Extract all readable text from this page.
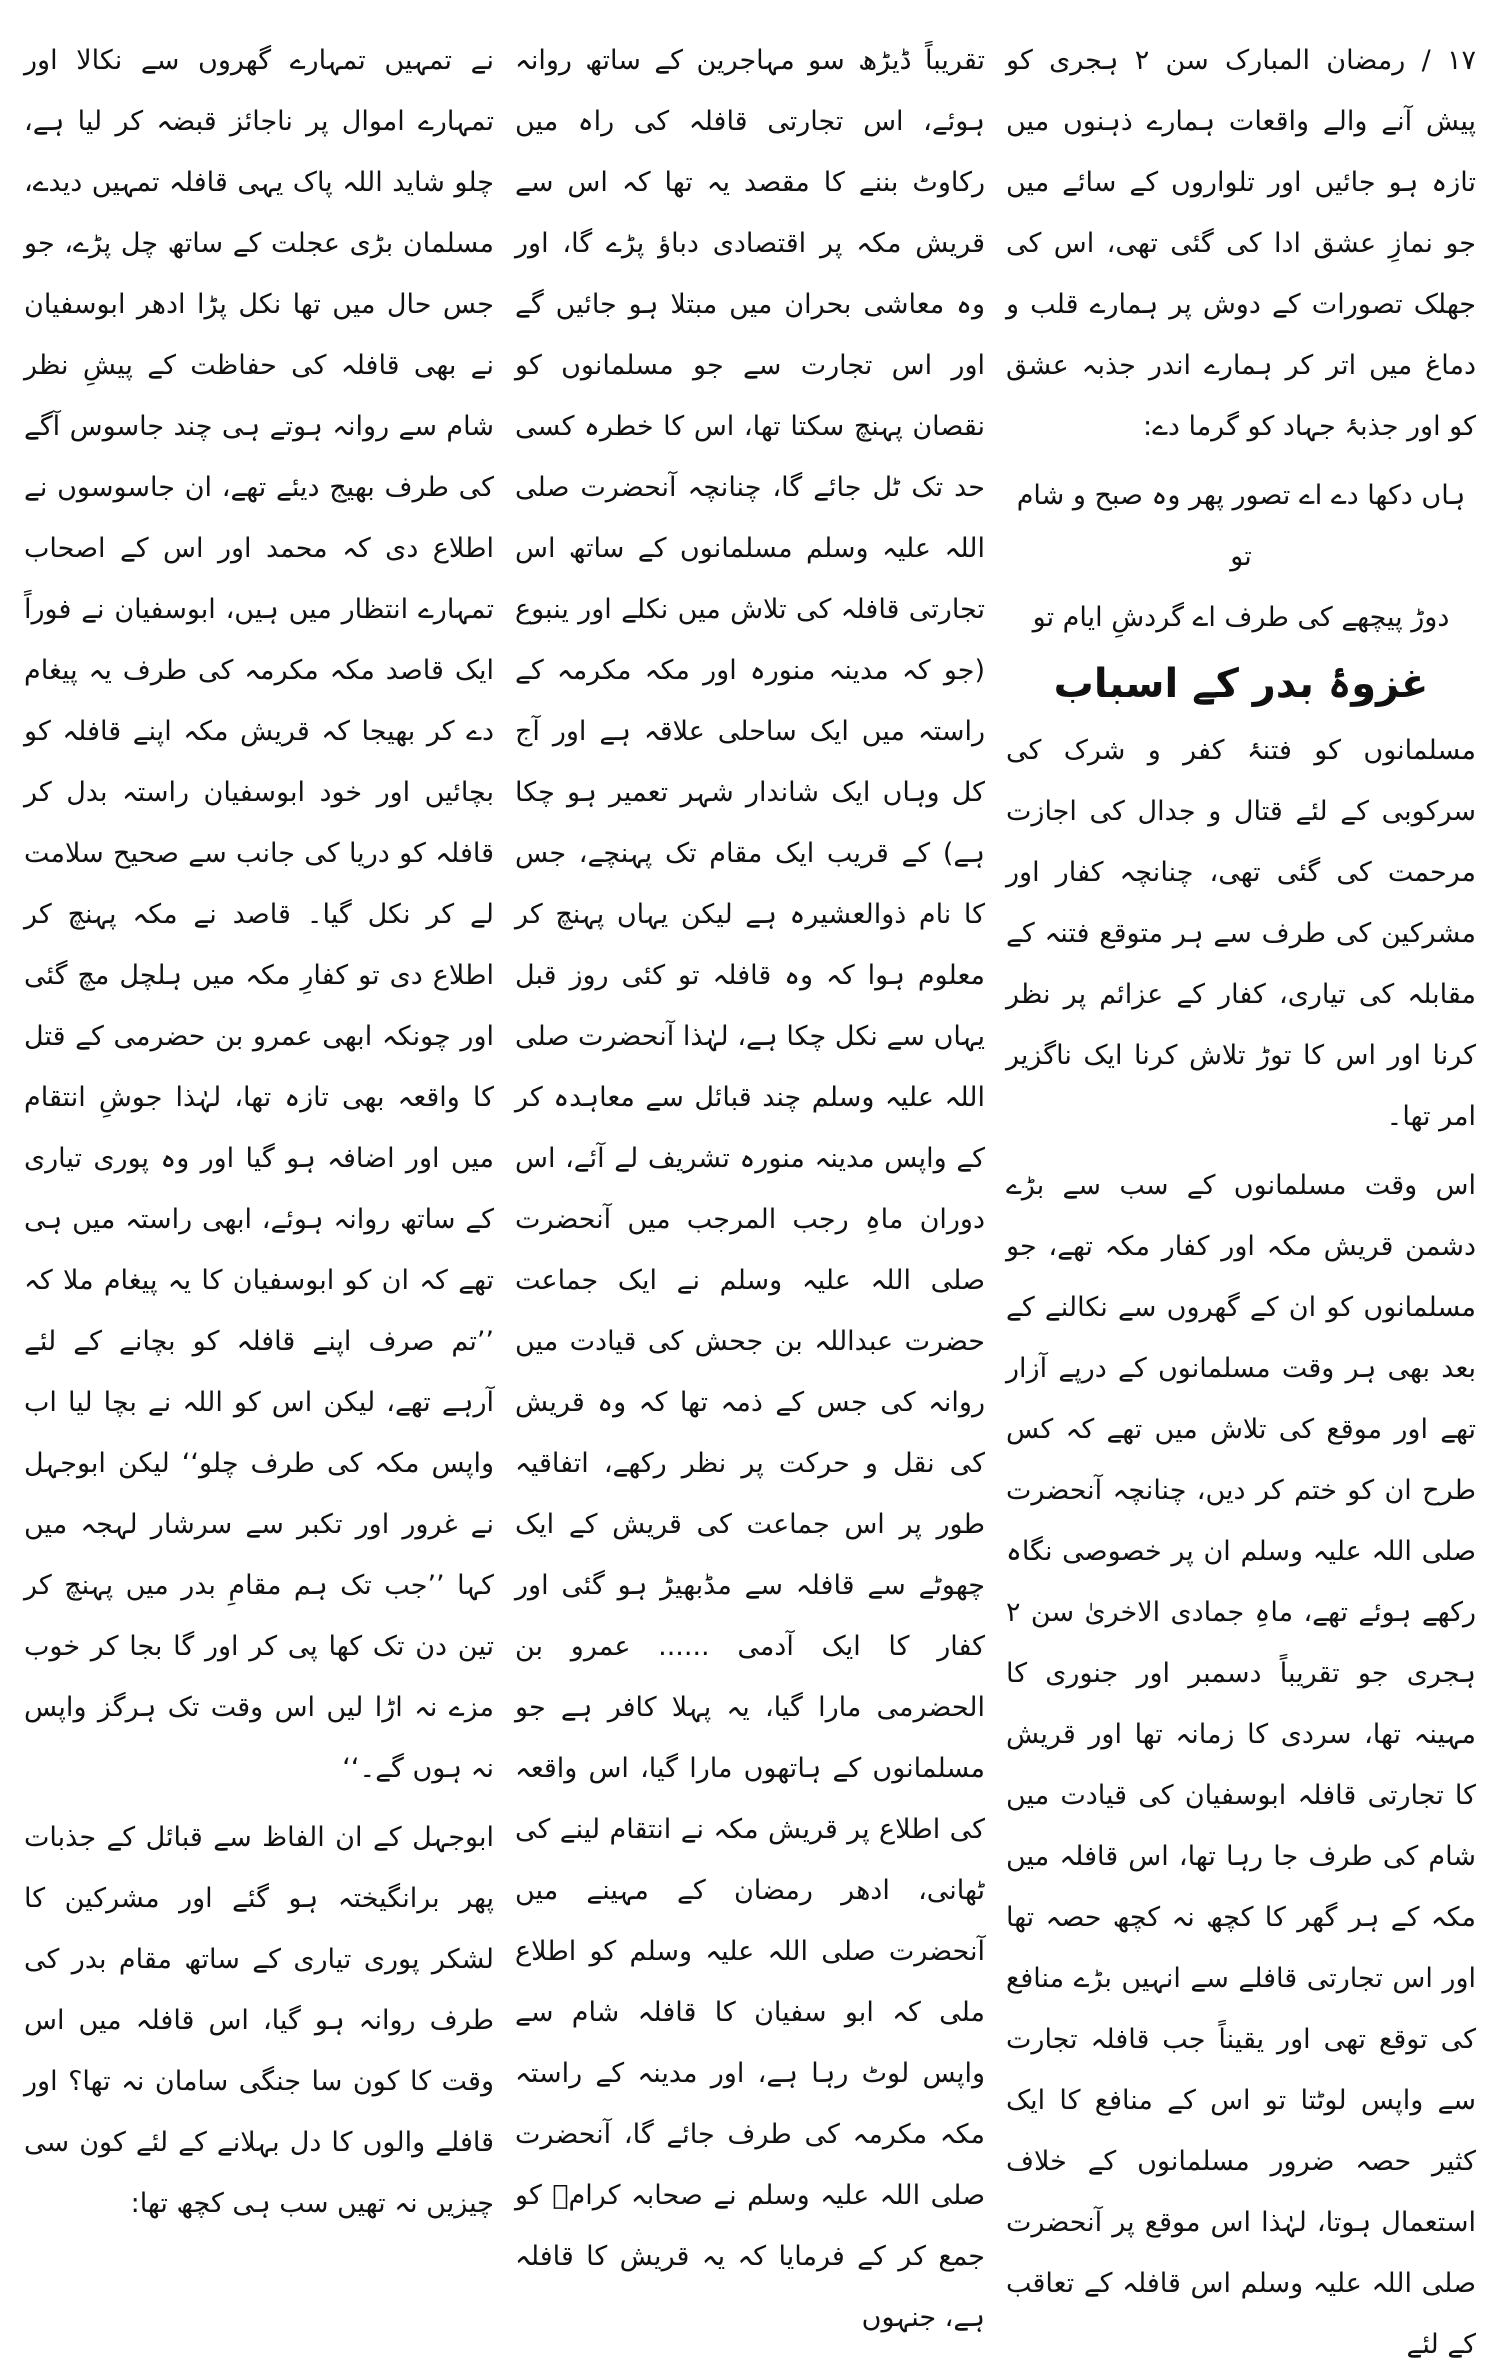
۱۷ / رمضان المبارک سن ۲ ہجری کو پیش آنے والے واقعات ہمارے ذہنوں میں تازہ ہو جائیں اور تلواروں کے سائے میں جو نمازِ عشق ادا کی گئی تھی، اس کی جھلک تصورات کے دوش پر ہمارے قلب و دماغ میں اتر کر ہمارے اندر جذبہ عشق کو اور جذبۂ جہاد کو گرما دے:

ہاں دکھا دے اے تصور پھر وہ صبح و شام تو

دوڑ پیچھے کی طرف اے گردشِ ایام تو

غزوۂ بدر کے اسباب

مسلمانوں کو فتنۂ کفر و شرک کی سرکوبی کے لئے قتال و جدال کی اجازت مرحمت کی گئی تھی، چنانچہ کفار اور مشرکین کی طرف سے ہر متوقع فتنہ کے مقابلہ کی تیاری، کفار کے عزائم پر نظر کرنا اور اس کا توڑ تلاش کرنا ایک ناگزیر امر تھا۔

اس وقت مسلمانوں کے سب سے بڑے دشمن قریش مکہ اور کفار مکہ تھے، جو مسلمانوں کو ان کے گھروں سے نکالنے کے بعد بھی ہر وقت مسلمانوں کے درپے آزار تھے اور موقع کی تلاش میں تھے کہ کس طرح ان کو ختم کر دیں، چنانچہ آنحضرت صلی اللہ علیہ وسلم ان پر خصوصی نگاہ رکھے ہوئے تھے، ماہِ جمادی الاخریٰ سن ۲ ہجری جو تقریباً دسمبر اور جنوری کا مہینہ تھا، سردی کا زمانہ تھا اور قریش کا تجارتی قافلہ ابوسفیان کی قیادت میں شام کی طرف جا رہا تھا، اس قافلہ میں مکہ کے ہر گھر کا کچھ نہ کچھ حصہ تھا اور اس تجارتی قافلے سے انہیں بڑے منافع کی توقع تھی اور یقیناً جب قافلہ تجارت سے واپس لوٹتا تو اس کے منافع کا ایک کثیر حصہ ضرور مسلمانوں کے خلاف استعمال ہوتا، لہٰذا اس موقع پر آنحضرت صلی اللہ علیہ وسلم اس قافلہ کے تعاقب کے لئے

تقریباً ڈیڑھ سو مہاجرین کے ساتھ روانہ ہوئے، اس تجارتی قافلہ کی راہ میں رکاوٹ بننے کا مقصد یہ تھا کہ اس سے قریش مکہ پر اقتصادی دباؤ پڑے گا، اور وہ معاشی بحران میں مبتلا ہو جائیں گے اور اس تجارت سے جو مسلمانوں کو نقصان پہنچ سکتا تھا، اس کا خطرہ کسی حد تک ٹل جائے گا، چنانچہ آنحضرت صلی اللہ علیہ وسلم مسلمانوں کے ساتھ اس تجارتی قافلہ کی تلاش میں نکلے اور ینبوع (جو کہ مدینہ منورہ اور مکہ مکرمہ کے راستہ میں ایک ساحلی علاقہ ہے اور آج کل وہاں ایک شاندار شہر تعمیر ہو چکا ہے) کے قریب ایک مقام تک پہنچے، جس کا نام ذوالعشیرہ ہے لیکن یہاں پہنچ کر معلوم ہوا کہ وہ قافلہ تو کئی روز قبل یہاں سے نکل چکا ہے، لہٰذا آنحضرت صلی اللہ علیہ وسلم چند قبائل سے معاہدہ کر کے واپس مدینہ منورہ تشریف لے آئے، اس دوران ماہِ رجب المرجب میں آنحضرت صلی اللہ علیہ وسلم نے ایک جماعت حضرت عبداللہ بن جحش کی قیادت میں روانہ کی جس کے ذمہ تھا کہ وہ قریش کی نقل و حرکت پر نظر رکھے، اتفاقیہ طور پر اس جماعت کی قریش کے ایک چھوٹے سے قافلہ سے مڈبھیڑ ہو گئی اور کفار کا ایک آدمی ...... عمرو بن الحضرمی مارا گیا، یہ پہلا کافر ہے جو مسلمانوں کے ہاتھوں مارا گیا، اس واقعہ کی اطلاع پر قریش مکہ نے انتقام لینے کی ٹھانی، ادھر رمضان کے مہینے میں آنحضرت صلی اللہ علیہ وسلم کو اطلاع ملی کہ ابو سفیان کا قافلہ شام سے واپس لوٹ رہا ہے، اور مدینہ کے راستہ مکہ مکرمہ کی طرف جائے گا، آنحضرت صلی اللہ علیہ وسلم نے صحابہ کرامؓ کو جمع کر کے فرمایا کہ یہ قریش کا قافلہ ہے، جنہوں

نے تمہیں تمہارے گھروں سے نکالا اور تمہارے اموال پر ناجائز قبضہ کر لیا ہے، چلو شاید اللہ پاک یہی قافلہ تمہیں دیدے، مسلمان بڑی عجلت کے ساتھ چل پڑے، جو جس حال میں تھا نکل پڑا ادھر ابوسفیان نے بھی قافلہ کی حفاظت کے پیشِ نظر شام سے روانہ ہوتے ہی چند جاسوس آگے کی طرف بھیج دیئے تھے، ان جاسوسوں نے اطلاع دی کہ محمد اور اس کے اصحاب تمہارے انتظار میں ہیں، ابوسفیان نے فوراً ایک قاصد مکہ مکرمہ کی طرف یہ پیغام دے کر بھیجا کہ قریش مکہ اپنے قافلہ کو بچائیں اور خود ابوسفیان راستہ بدل کر قافلہ کو دریا کی جانب سے صحیح سلامت لے کر نکل گیا۔ قاصد نے مکہ پہنچ کر اطلاع دی تو کفارِ مکہ میں ہلچل مچ گئی اور چونکہ ابھی عمرو بن حضرمی کے قتل کا واقعہ بھی تازہ تھا، لہٰذا جوشِ انتقام میں اور اضافہ ہو گیا اور وہ پوری تیاری کے ساتھ روانہ ہوئے، ابھی راستہ میں ہی تھے کہ ان کو ابوسفیان کا یہ پیغام ملا کہ ’’تم صرف اپنے قافلہ کو بچانے کے لئے آرہے تھے، لیکن اس کو اللہ نے بچا لیا اب واپس مکہ کی طرف چلو‘‘ لیکن ابوجہل نے غرور اور تکبر سے سرشار لہجہ میں کہا ’’جب تک ہم مقامِ بدر میں پہنچ کر تین دن تک کھا پی کر اور گا بجا کر خوب مزے نہ اڑا لیں اس وقت تک ہرگز واپس نہ ہوں گے۔‘‘

ابوجہل کے ان الفاظ سے قبائل کے جذبات پھر برانگیختہ ہو گئے اور مشرکین کا لشکر پوری تیاری کے ساتھ مقام بدر کی طرف روانہ ہو گیا، اس قافلہ میں اس وقت کا کون سا جنگی سامان نہ تھا؟ اور قافلے والوں کا دل بہلانے کے لئے کون سی چیزیں نہ تھیں سب ہی کچھ تھا:
